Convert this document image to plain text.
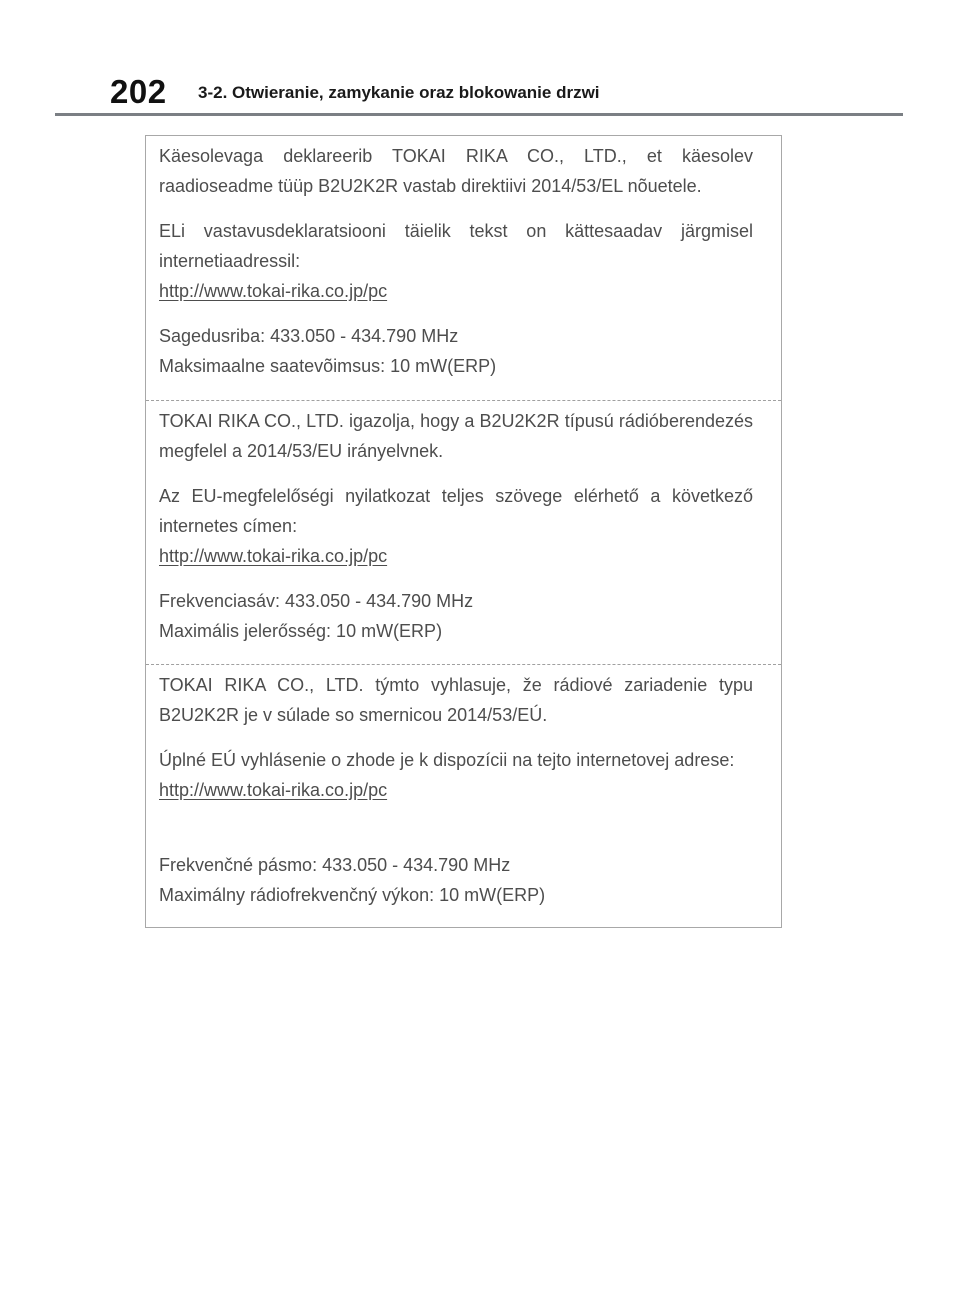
202 3-2. Otwieranie, zamykanie oraz blokowanie drzwi

Käesolevaga deklareerib TOKAI RIKA CO., LTD., et käesolev raadioseadme tüüp B2U2K2R vastab direktiivi 2014/53/EL nõuetele.

ELi vastavusdeklaratsiooni täielik tekst on kättesaadav järgmisel internetiaadressil:
http://www.tokai-rika.co.jp/pc
Sagedusriba: 433.050 - 434.790 MHz
Maksimaalne saatevõimsus: 10 mW(ERP)

TOKAI RIKA CO., LTD. igazolja, hogy a B2U2K2R típusú rádióberendezés megfelel a 2014/53/EU irányelvnek.

Az EU-megfelelőségi nyilatkozat teljes szövege elérhető a következő internetes címen:
http://www.tokai-rika.co.jp/pc
Frekvenciasáv: 433.050 - 434.790 MHz
Maximális jelerősség: 10 mW(ERP)

TOKAI RIKA CO., LTD. týmto vyhlasuje, že rádiové zariadenie typu B2U2K2R je v súlade so smernicou 2014/53/EÚ.

Úplné EÚ vyhlásenie o zhode je k dispozícii na tejto internetovej adrese:
http://www.tokai-rika.co.jp/pc
Frekvenčné pásmo: 433.050 - 434.790 MHz
Maximálny rádiofrekvenčný výkon: 10 mW(ERP)
